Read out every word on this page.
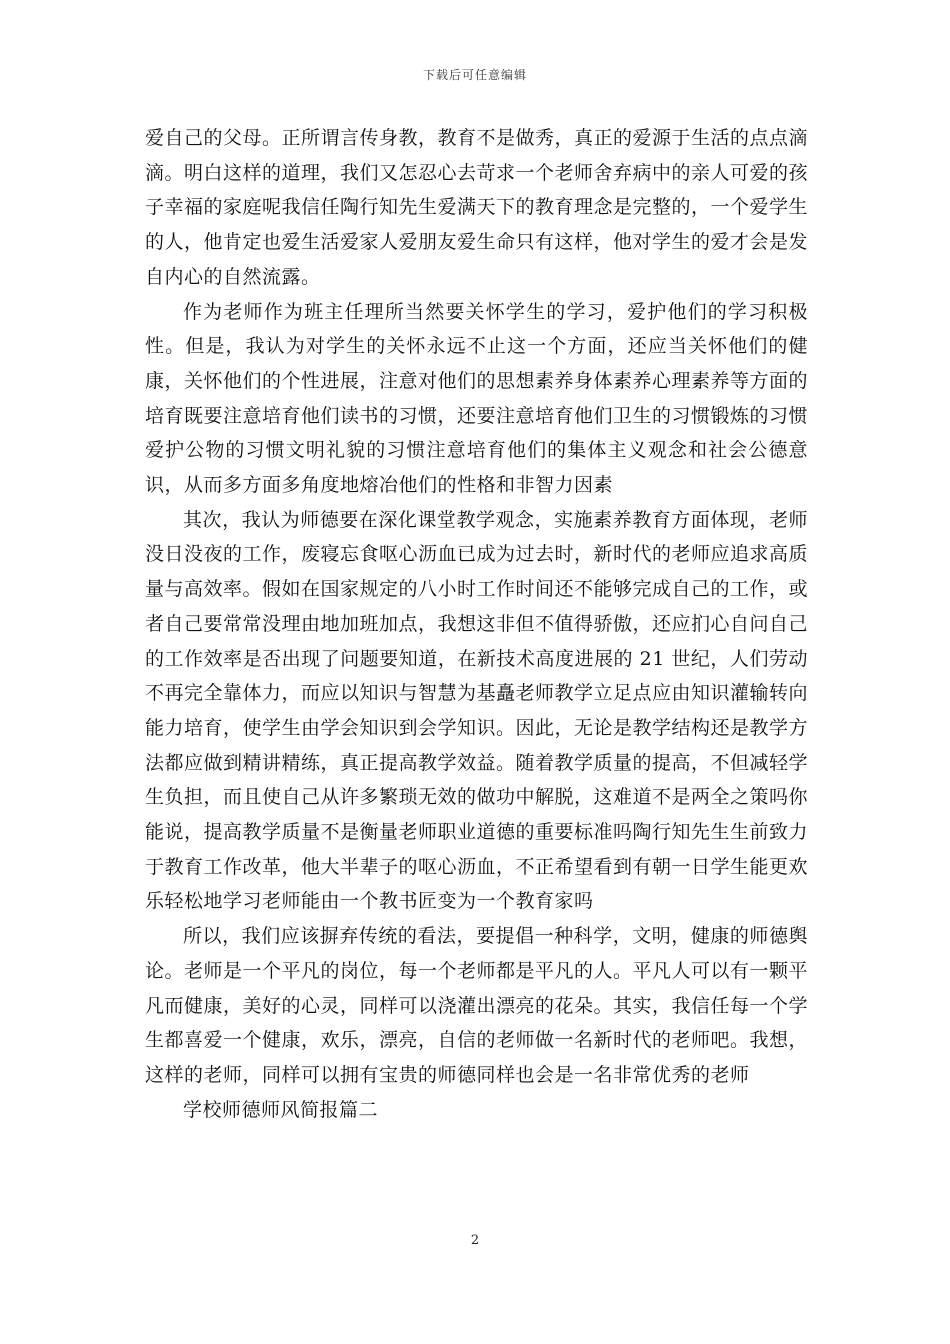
下载后可任意编辑

爱自己的父母。正所谓言传身教，教育不是做秀，真正的爱源于生活的点点滴滴。明白这样的道理，我们又怎忍心去苛求一个老师舍弃病中的亲人可爱的孩子幸福的家庭呢我信任陶行知先生爱满天下的教育理念是完整的，一个爱学生的人，他肯定也爱生活爱家人爱朋友爱生命只有这样，他对学生的爱才会是发自内心的自然流露。

作为老师作为班主任理所当然要关怀学生的学习，爱护他们的学习积极性。但是，我认为对学生的关怀永远不止这一个方面，还应当关怀他们的健康，关怀他们的个性进展，注意对他们的思想素养身体素养心理素养等方面的培育既要注意培育他们读书的习惯，还要注意培育他们卫生的习惯锻炼的习惯爱护公物的习惯文明礼貌的习惯注意培育他们的集体主义观念和社会公德意识，从而多方面多角度地熔冶他们的性格和非智力因素

其次，我认为师德要在深化课堂教学观念，实施素养教育方面体现，老师没日没夜的工作，废寝忘食呕心沥血已成为过去时，新时代的老师应追求高质量与高效率。假如在国家规定的八小时工作时间还不能够完成自己的工作，或者自己要常常没理由地加班加点，我想这非但不值得骄傲，还应扪心自问自己的工作效率是否出现了问题要知道，在新技术高度进展的 21 世纪，人们劳动不再完全靠体力，而应以知识与智慧为基矗老师教学立足点应由知识灌输转向能力培育，使学生由学会知识到会学知识。因此，无论是教学结构还是教学方法都应做到精讲精练，真正提高教学效益。随着教学质量的提高，不但减轻学生负担，而且使自己从许多繁琐无效的做功中解脱，这难道不是两全之策吗你能说，提高教学质量不是衡量老师职业道德的重要标准吗陶行知先生生前致力于教育工作改革，他大半辈子的呕心沥血，不正希望看到有朝一日学生能更欢乐轻松地学习老师能由一个教书匠变为一个教育家吗

所以，我们应该摒弃传统的看法，要提倡一种科学，文明，健康的师德舆论。老师是一个平凡的岗位，每一个老师都是平凡的人。平凡人可以有一颗平凡而健康，美好的心灵，同样可以浇灌出漂亮的花朵。其实，我信任每一个学生都喜爱一个健康，欢乐，漂亮，自信的老师做一名新时代的老师吧。我想，这样的老师，同样可以拥有宝贵的师德同样也会是一名非常优秀的老师

学校师德师风简报篇二

2
